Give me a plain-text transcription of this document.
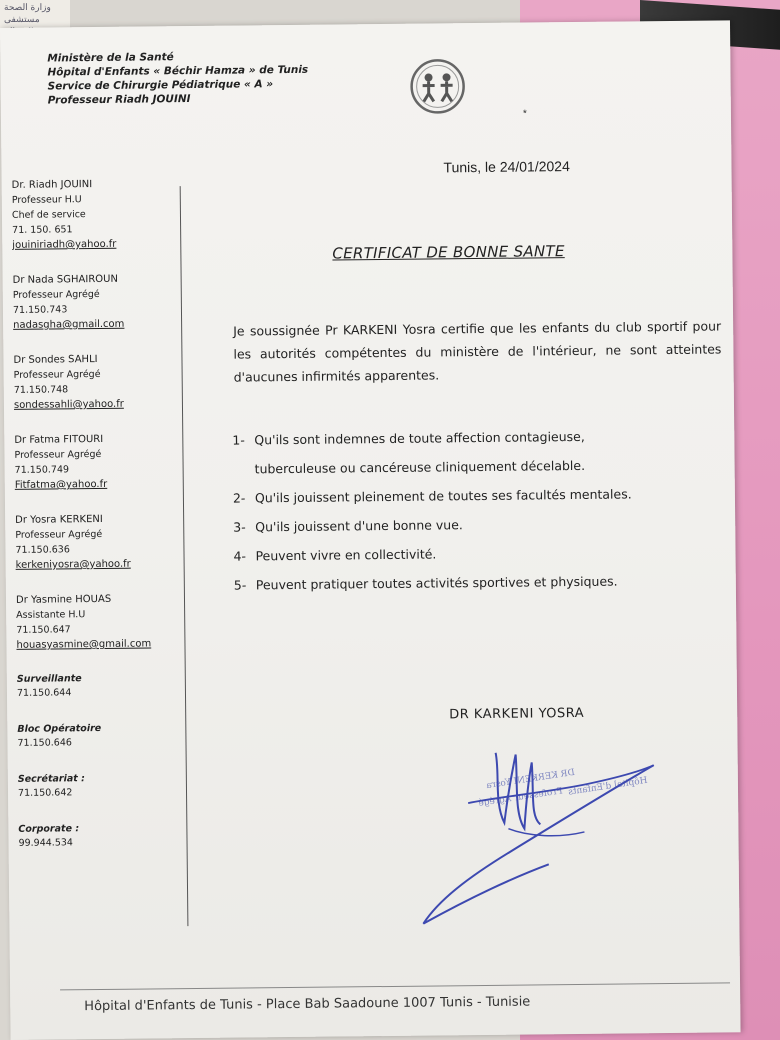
وزارة الصحة
مستشفى
Ministère de la Santé
Hôpital d'Enfants « Béchir Hamza » de Tunis
Service de Chirurgie Pédiatrique « A »
Professeur Riadh JOUINI
*
Dr. Riadh JOUINI
Professeur H.U
Chef de service
71. 150. 651
jouiniriadh@yahoo.fr
Dr Nada SGHAIROUN
Professeur Agrégé
71.150.743
nadasgha@gmail.com
Dr Sondes SAHLI
Professeur Agrégé
71.150.748
sondessahli@yahoo.fr
Dr Fatma FITOURI
Professeur Agrégé
71.150.749
Fitfatma@yahoo.fr
Dr Yosra KERKENI
Professeur Agrégé
71.150.636
kerkeniyosra@yahoo.fr
Dr Yasmine HOUAS
Assistante H.U
71.150.647
houasyasmine@gmail.com
Surveillante
71.150.644
Bloc Opératoire
71.150.646
Secrétariat :
71.150.642
Corporate :
99.944.534
Tunis, le 24/01/2024
CERTIFICAT DE BONNE SANTE
Je soussignée Pr KARKENI Yosra certifie que les enfants du club sportif pour les autorités compétentes du ministère de l'intérieur, ne sont atteintes d'aucunes infirmités apparentes.
1- Qu'ils sont indemnes de toute affection contagieuse,
tuberculeuse ou cancéreuse cliniquement décelable.
2- Qu'ils jouissent pleinement de toutes ses facultés mentales.
3- Qu'ils jouissent d'une bonne vue.
4- Peuvent vivre en collectivité.
5- Peuvent pratiquer toutes activités sportives et physiques.
DR KARKENI YOSRA
DR KERKENI Yosra
Professeur Agrégé Hôpital d'Enfants
Hôpital d'Enfants de Tunis - Place Bab Saadoune 1007 Tunis - Tunisie
